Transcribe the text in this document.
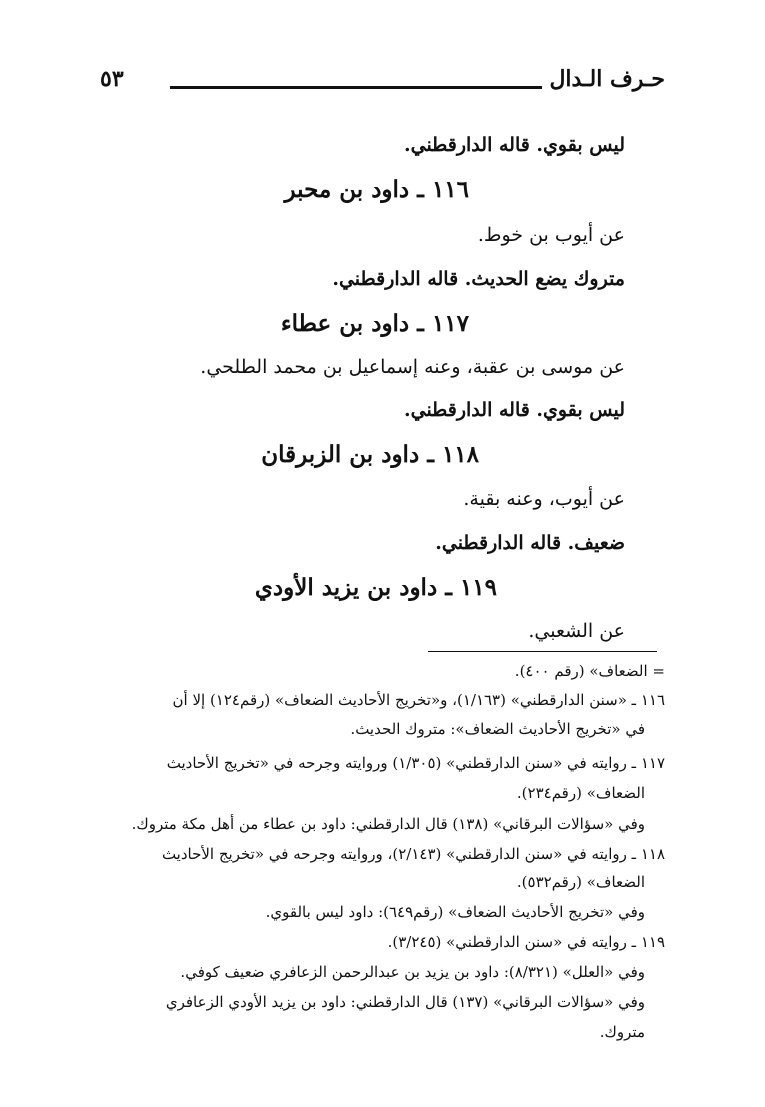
حـرف الـدال
٥٣
ليس بقوي. قاله الدارقطني.
١١٦ ـ داود بن محبر
عن أيوب بن خوط.
متروك يضع الحديث. قاله الدارقطني.
١١٧ ـ داود بن عطاء
عن موسى بن عقبة، وعنه إسماعيل بن محمد الطلحي.
ليس بقوي. قاله الدارقطني.
١١٨ ـ داود بن الزبرقان
عن أيوب، وعنه بقية.
ضعيف. قاله الدارقطني.
١١٩ ـ داود بن يزيد الأودي
عن الشعبي.
= الضعاف» (رقم ٤٠٠).
١١٦ ـ «سنن الدارقطني» (١/١٦٣)، و«تخريج الأحاديث الضعاف» (رقم١٢٤) إلا أن
في «تخريج الأحاديث الضعاف»: متروك الحديث.
١١٧ ـ روايته في «سنن الدارقطني» (١/٣٠٥) وروايته وجرحه في «تخريج الأحاديث
الضعاف» (رقم٢٣٤).
وفي «سؤالات البرقاني» (١٣٨) قال الدارقطني: داود بن عطاء من أهل مكة متروك.
١١٨ ـ روايته في «سنن الدارقطني» (٢/١٤٣)، وروايته وجرحه في «تخريج الأحاديث
الضعاف» (رقم٥٣٢).
وفي «تخريج الأحاديث الضعاف» (رقم٦٤٩): داود ليس بالقوي.
١١٩ ـ روايته في «سنن الدارقطني» (٣/٢٤٥).
وفي «العلل» (٨/٣٢١): داود بن يزيد بن عبدالرحمن الزعافري ضعيف كوفي.
وفي «سؤالات البرقاني» (١٣٧) قال الدارقطني: داود بن يزيد الأودي الزعافري
متروك.
